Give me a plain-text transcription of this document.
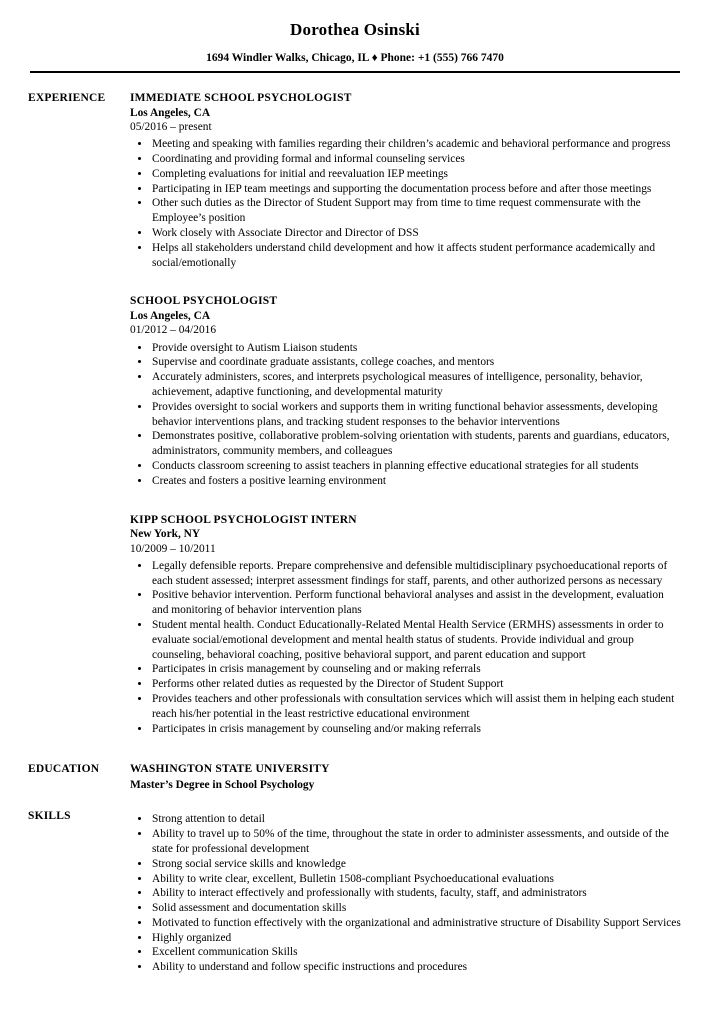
Dorothea Osinski
1694 Windler Walks, Chicago, IL ♦ Phone: +1 (555) 766 7470
EXPERIENCE	IMMEDIATE SCHOOL PSYCHOLOGIST
Los Angeles, CA
05/2016 – present
• Meeting and speaking with families regarding their children’s academic and behavioral performance and progress
• Coordinating and providing formal and informal counseling services
• Completing evaluations for initial and reevaluation IEP meetings
• Participating in IEP team meetings and supporting the documentation process before and after those meetings
• Other such duties as the Director of Student Support may from time to time request commensurate with the Employee’s position
• Work closely with Associate Director and Director of DSS
• Helps all stakeholders understand child development and how it affects student performance academically and social/emotionally
SCHOOL PSYCHOLOGIST
Los Angeles, CA
01/2012 – 04/2016
• Provide oversight to Autism Liaison students
• Supervise and coordinate graduate assistants, college coaches, and mentors
• Accurately administers, scores, and interprets psychological measures of intelligence, personality, behavior, achievement, adaptive functioning, and developmental maturity
• Provides oversight to social workers and supports them in writing functional behavior assessments, developing behavior interventions plans, and tracking student responses to the behavior interventions
• Demonstrates positive, collaborative problem-solving orientation with students, parents and guardians, educators, administrators, community members, and colleagues
• Conducts classroom screening to assist teachers in planning effective educational strategies for all students
• Creates and fosters a positive learning environment
KIPP SCHOOL PSYCHOLOGIST INTERN
New York, NY
10/2009 – 10/2011
• Legally defensible reports. Prepare comprehensive and defensible multidisciplinary psychoeducational reports of each student assessed; interpret assessment findings for staff, parents, and other authorized persons as necessary
• Positive behavior intervention. Perform functional behavioral analyses and assist in the development, evaluation and monitoring of behavior intervention plans
• Student mental health. Conduct Educationally-Related Mental Health Service (ERMHS) assessments in order to evaluate social/emotional development and mental health status of students. Provide individual and group counseling, behavioral coaching, positive behavioral support, and parent education and support
• Participates in crisis management by counseling and or making referrals
• Performs other related duties as requested by the Director of Student Support
• Provides teachers and other professionals with consultation services which will assist them in helping each student reach his/her potential in the least restrictive educational environment
• Participates in crisis management by counseling and/or making referrals
EDUCATION	WASHINGTON STATE UNIVERSITY
Master’s Degree in School Psychology
SKILLS	• Strong attention to detail
• Ability to travel up to 50% of the time, throughout the state in order to administer assessments, and outside of the state for professional development
• Strong social service skills and knowledge
• Ability to write clear, excellent, Bulletin 1508-compliant Psychoeducational evaluations
• Ability to interact effectively and professionally with students, faculty, staff, and administrators
• Solid assessment and documentation skills
• Motivated to function effectively with the organizational and administrative structure of Disability Support Services
• Highly organized
• Excellent communication Skills
• Ability to understand and follow specific instructions and procedures
